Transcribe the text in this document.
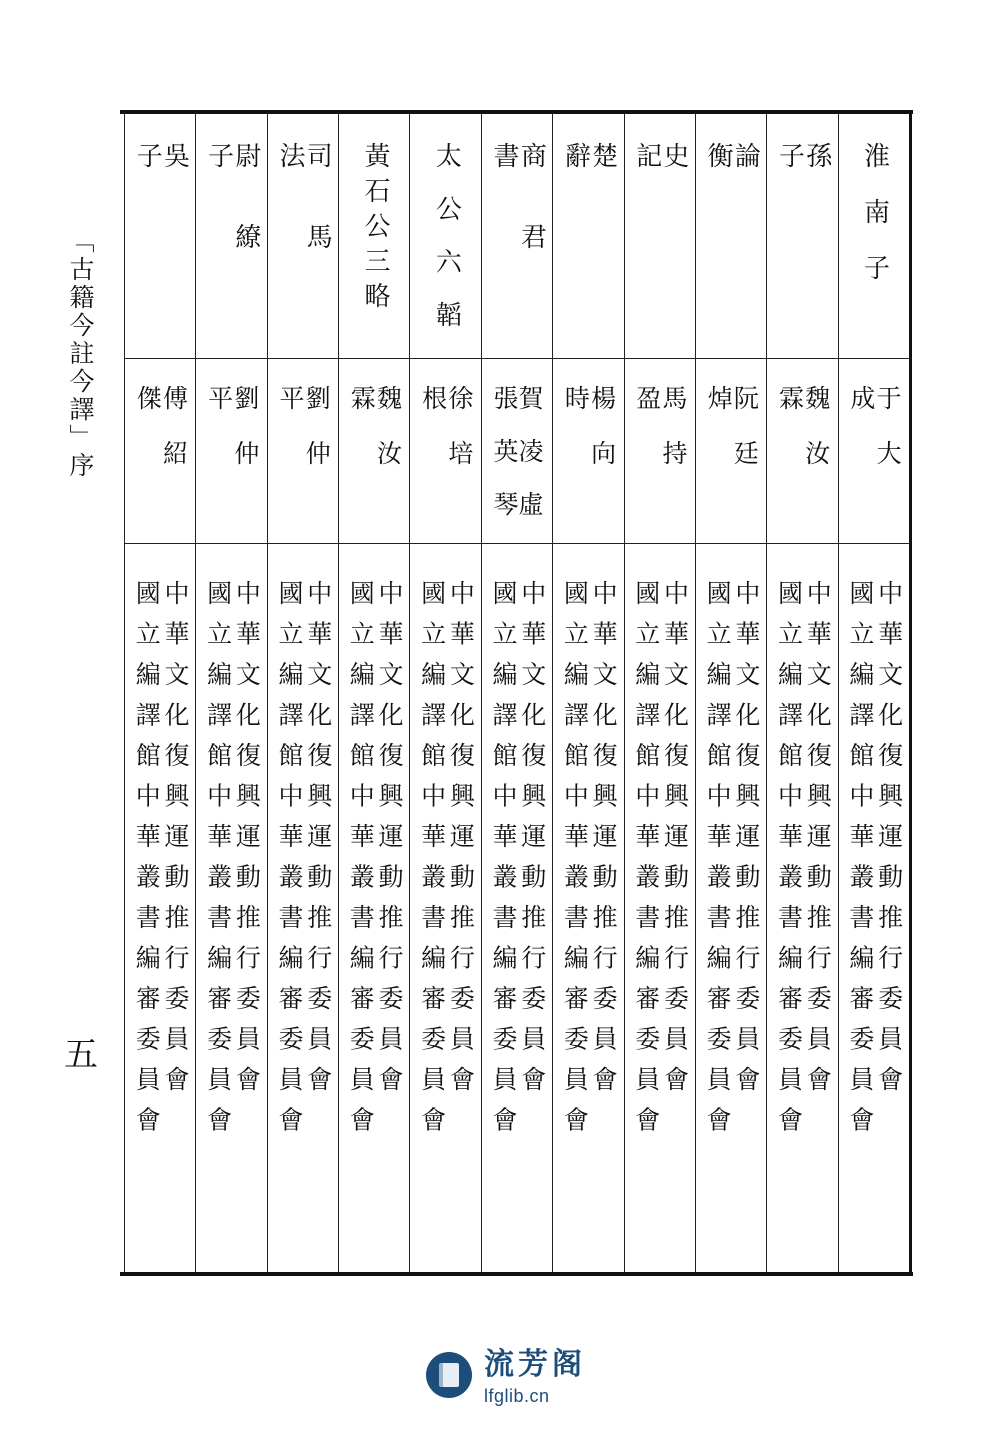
「古籍今註今譯」序
五
淮南子
于大成
中華文化復興運動推行委員會
國立編譯館中華叢書編審委員會
孫子
魏汝霖
中華文化復興運動推行委員會
國立編譯館中華叢書編審委員會
論衡
阮廷焯
中華文化復興運動推行委員會
國立編譯館中華叢書編審委員會
史記
馬持盈
中華文化復興運動推行委員會
國立編譯館中華叢書編審委員會
楚辭
楊向時
中華文化復興運動推行委員會
國立編譯館中華叢書編審委員會
商君書
賀凌虛
張英琴
中華文化復興運動推行委員會
國立編譯館中華叢書編審委員會
太公六韜
徐培根
中華文化復興運動推行委員會
國立編譯館中華叢書編審委員會
黃石公三略
魏汝霖
中華文化復興運動推行委員會
國立編譯館中華叢書編審委員會
司馬法
劉仲平
中華文化復興運動推行委員會
國立編譯館中華叢書編審委員會
尉繚子
劉仲平
中華文化復興運動推行委員會
國立編譯館中華叢書編審委員會
吳子
傅紹傑
中華文化復興運動推行委員會
國立編譯館中華叢書編審委員會
流芳阁
lfglib.cn
